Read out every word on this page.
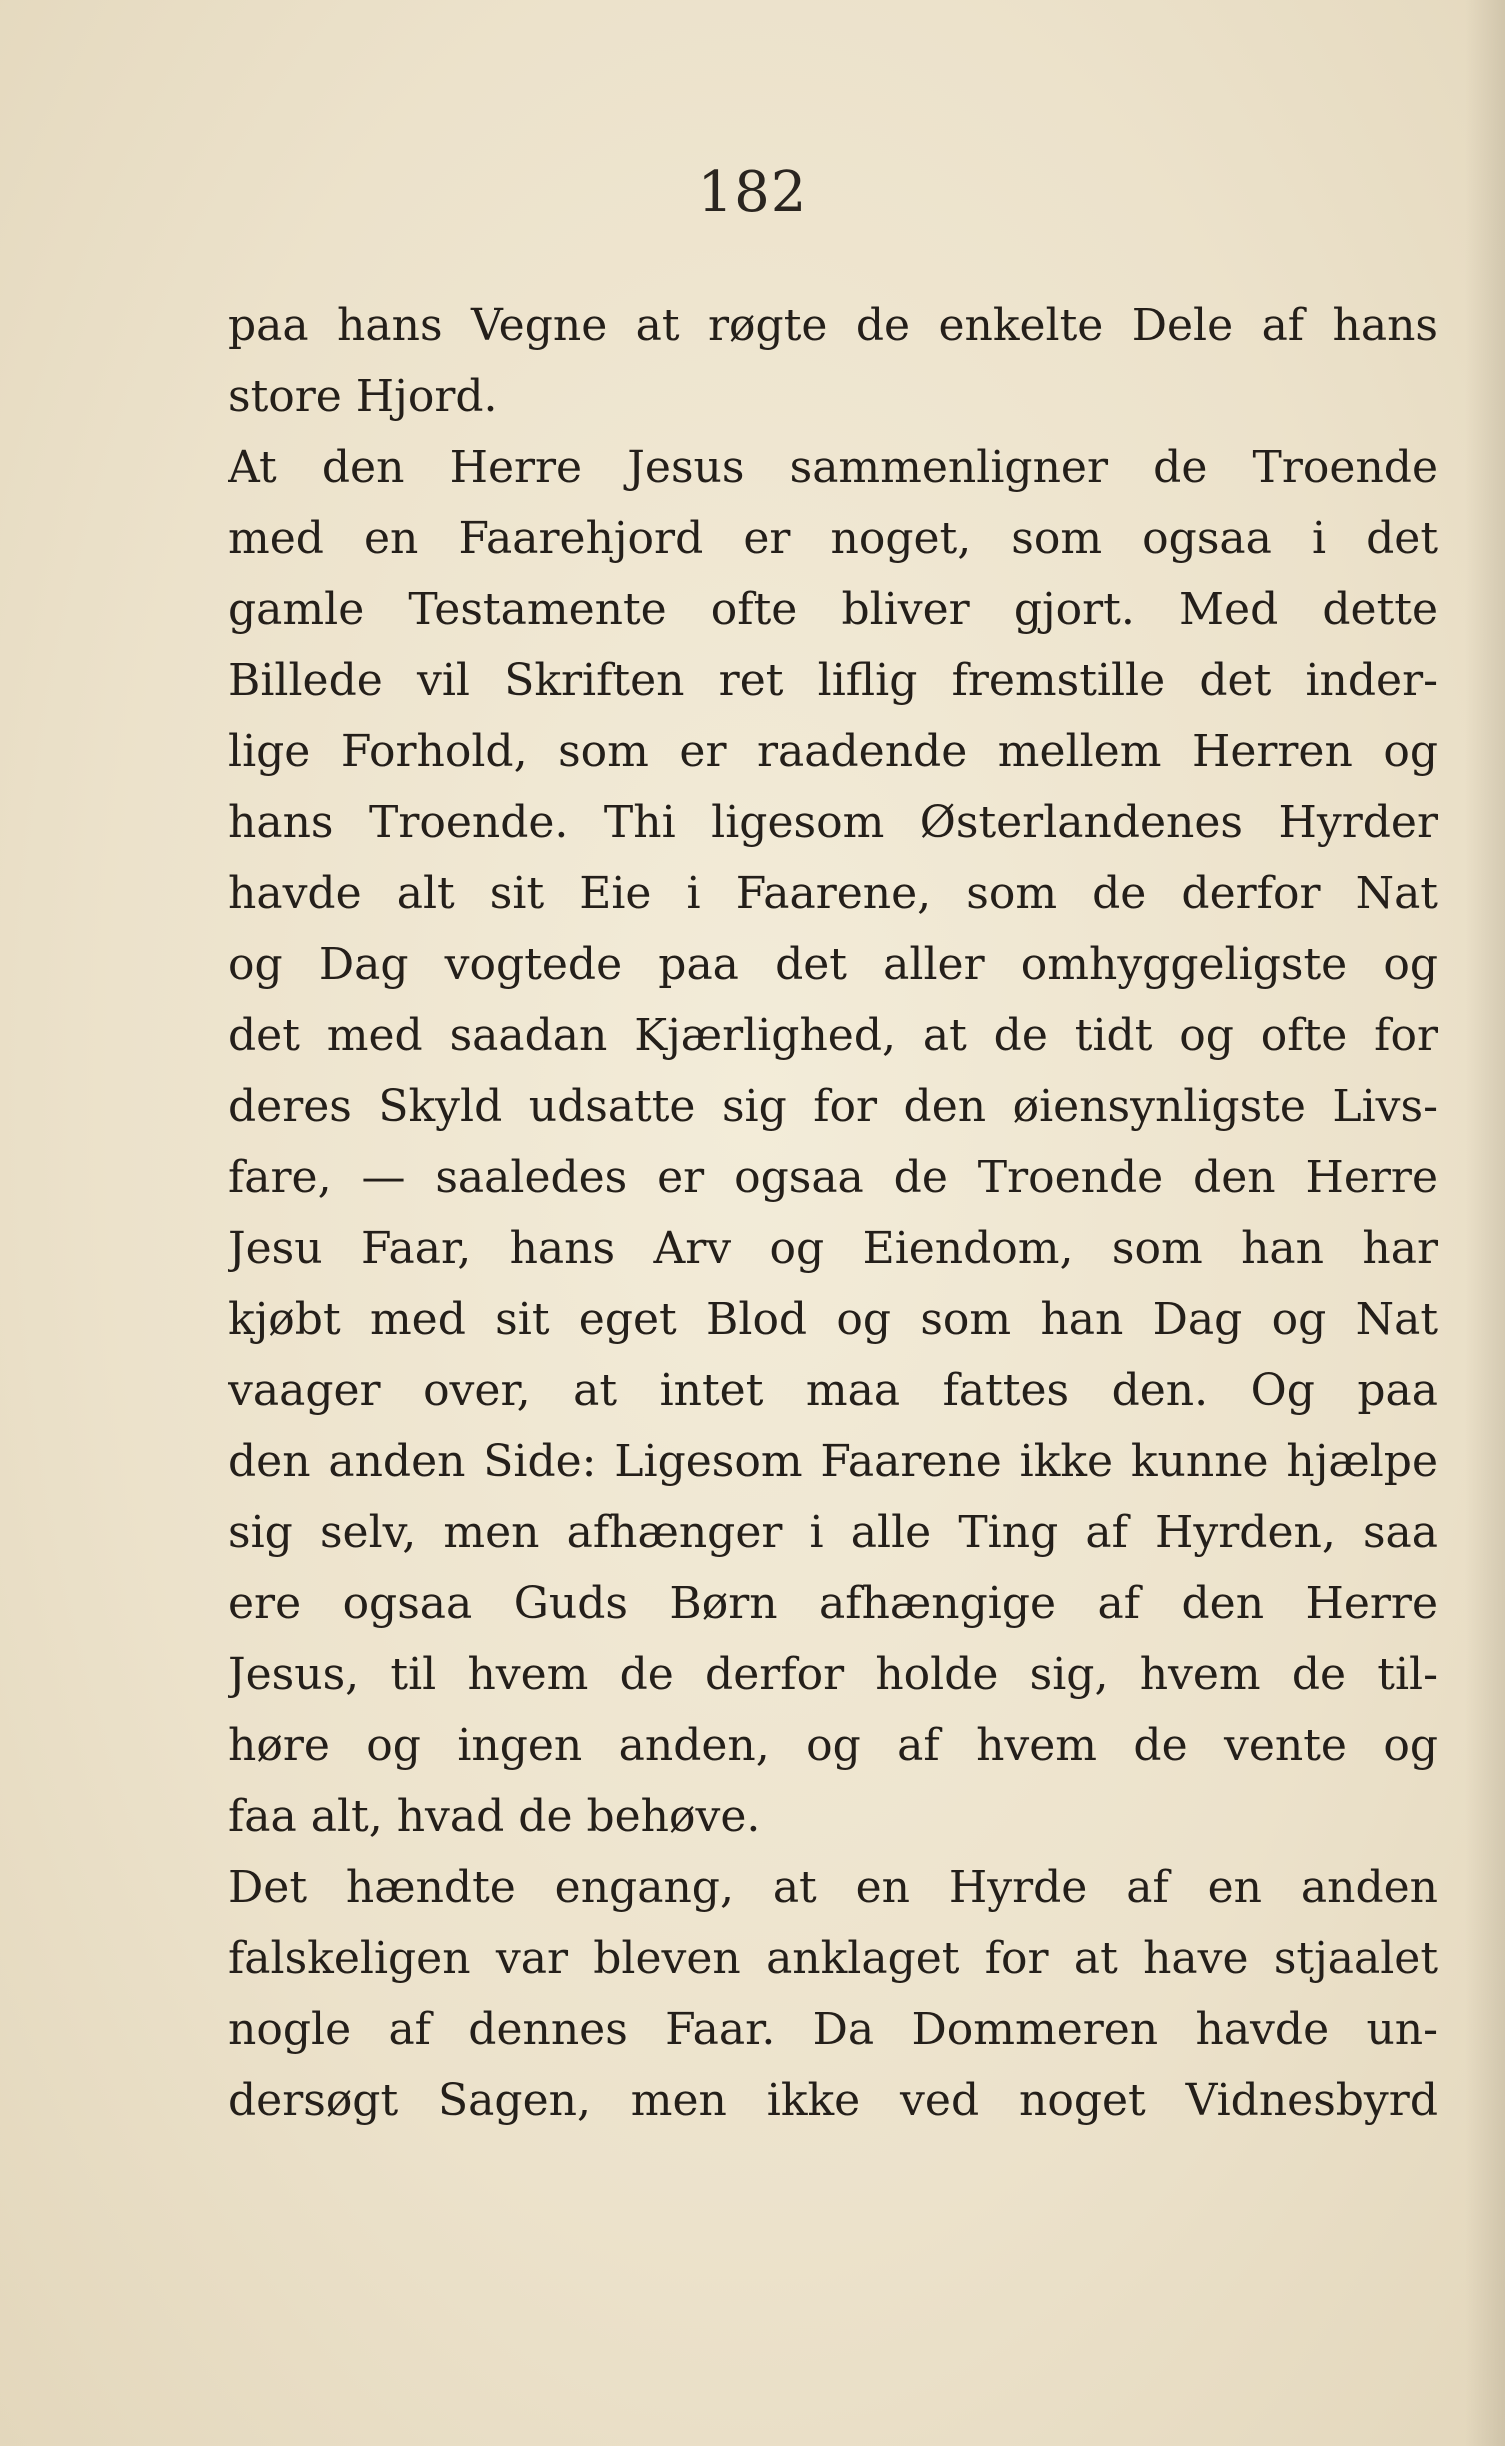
182
paa hans Vegne at røgte de enkelte Dele af hans
store Hjord.
At den Herre Jesus sammenligner de Troende
med en Faarehjord er noget, som ogsaa i det
gamle Testamente ofte bliver gjort. Med dette
Billede vil Skriften ret liflig fremstille det inder-
lige Forhold, som er raadende mellem Herren og
hans Troende. Thi ligesom Østerlandenes Hyrder
havde alt sit Eie i Faarene, som de derfor Nat
og Dag vogtede paa det aller omhyggeligste og
det med saadan Kjærlighed, at de tidt og ofte for
deres Skyld udsatte sig for den øiensynligste Livs-
fare, — saaledes er ogsaa de Troende den Herre
Jesu Faar, hans Arv og Eiendom, som han har
kjøbt med sit eget Blod og som han Dag og Nat
vaager over, at intet maa fattes den. Og paa
den anden Side: Ligesom Faarene ikke kunne hjælpe
sig selv, men afhænger i alle Ting af Hyrden, saa
ere ogsaa Guds Børn afhængige af den Herre
Jesus, til hvem de derfor holde sig, hvem de til-
høre og ingen anden, og af hvem de vente og
faa alt, hvad de behøve.
Det hændte engang, at en Hyrde af en anden
falskeligen var bleven anklaget for at have stjaalet
nogle af dennes Faar. Da Dommeren havde un-
dersøgt Sagen, men ikke ved noget Vidnesbyrd
